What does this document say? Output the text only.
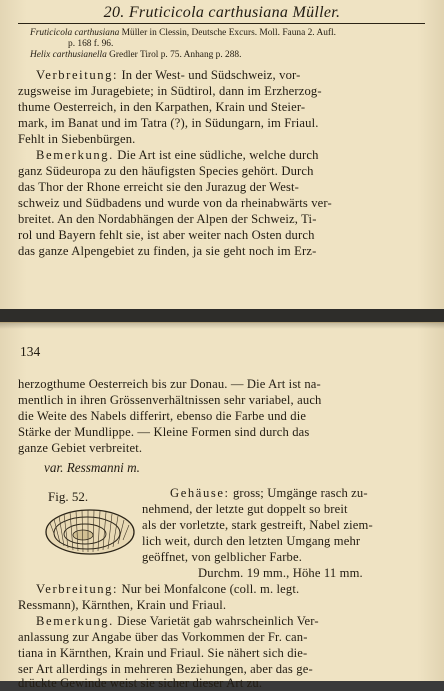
20. Fruticicola carthusiana Müller.
Fruticicola carthusiana Müller in Clessin, Deutsche Excurs. Moll. Fauna 2. Aufl.
p. 168 f. 96.
Helix carthusianella Gredler Tirol p. 75. Anhang p. 288.
Verbreitung: In der West- und Südschweiz, vor-
zugsweise im Juragebiete; in Südtirol, dann im Erzherzog-
thume Oesterreich, in den Karpathen, Krain und Steier-
mark, im Banat und im Tatra (?), in Südungarn, im Friaul.
Fehlt in Siebenbürgen.
Bemerkung. Die Art ist eine südliche, welche durch
ganz Südeuropa zu den häufigsten Species gehört. Durch
das Thor der Rhone erreicht sie den Jurazug der West-
schweiz und Südbadens und wurde von da rheinabwärts ver-
breitet. An den Nordabhängen der Alpen der Schweiz, Ti-
rol und Bayern fehlt sie, ist aber weiter nach Osten durch
das ganze Alpengebiet zu finden, ja sie geht noch im Erz-
134
herzogthume Oesterreich bis zur Donau. — Die Art ist na-
mentlich in ihren Grössenverhältnissen sehr variabel, auch
die Weite des Nabels differirt, ebenso die Farbe und die
Stärke der Mundlippe. — Kleine Formen sind durch das
ganze Gebiet verbreitet.
var. Ressmanni m.
Fig. 52.	Gehäuse: gross; Umgänge rasch zu-
nehmend, der letzte gut doppelt so breit
als der vorletzte, stark gestreift, Nabel ziem-
lich weit, durch den letzten Umgang mehr
geöffnet, von gelblicher Farbe.
Durchm. 19 mm., Höhe 11 mm.
Verbreitung: Nur bei Monfalcone (coll. m. legt.
Ressmann), Kärnthen, Krain und Friaul.
Bemerkung. Diese Varietät gab wahrscheinlich Ver-
anlassung zur Angabe über das Vorkommen der Fr. can-
tiana in Kärnthen, Krain und Friaul. Sie nähert sich die-
ser Art allerdings in mehreren Beziehungen, aber das ge-
drückte Gewinde weist sie sicher dieser Art zu.
